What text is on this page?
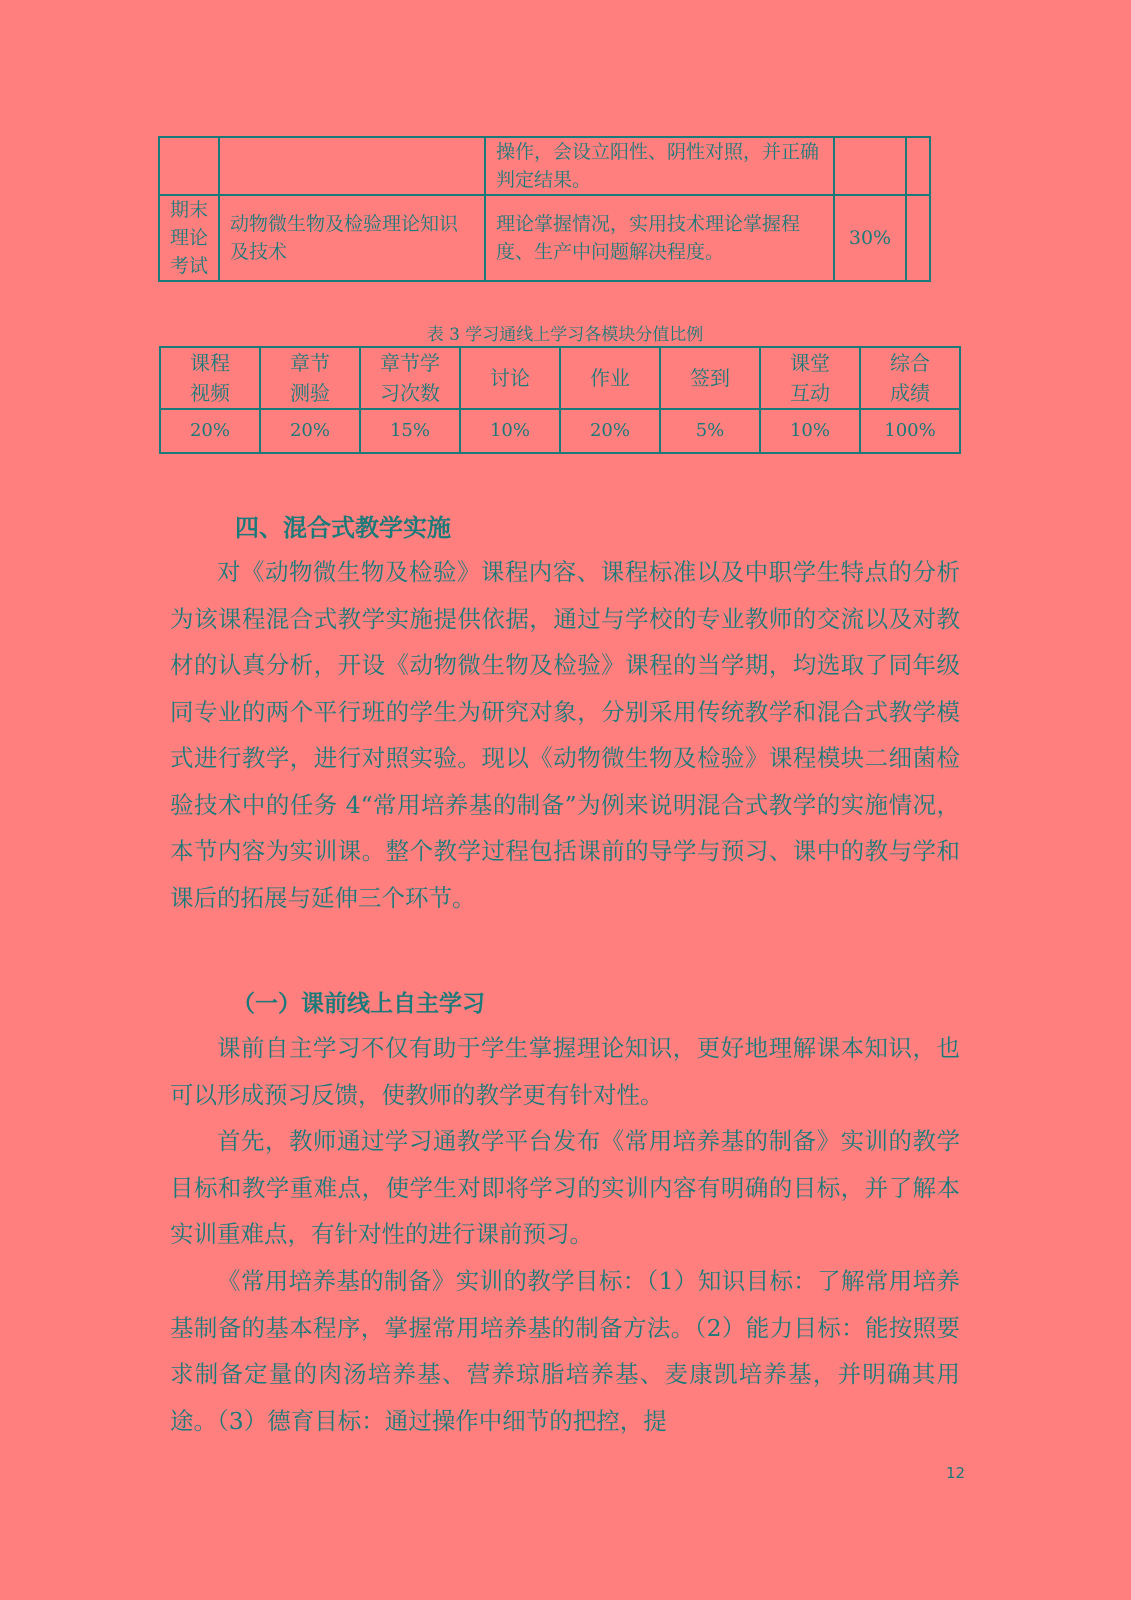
		操作，会设立阳性、阴性对照，并正确判定结果。		

期末理论考试	动物微生物及检验理论知识及技术	理论掌握情况，实用技术理论掌握程度、生产中问题解决程度。	30%	
表 3 学习通线上学习各模块分值比例
课程视频	章节测验	章节学习次数	讨论	作业	签到	课堂互动	综合成绩

20%	20%	15%	10%	20%	5%	10%	100%
四、混合式教学实施

对《动物微生物及检验》课程内容、课程标准以及中职学生特点的分析为该课程混合式教学实施提供依据，通过与学校的专业教师的交流以及对教材的认真分析，开设《动物微生物及检验》课程的当学期，均选取了同年级同专业的两个平行班的学生为研究对象，分别采用传统教学和混合式教学模式进行教学，进行对照实验。现以《动物微生物及检验》课程模块二细菌检验技术中的任务 4“常用培养基的制备”为例来说明混合式教学的实施情况，本节内容为实训课。整个教学过程包括课前的导学与预习、课中的教与学和课后的拓展与延伸三个环节。

（一）课前线上自主学习

课前自主学习不仅有助于学生掌握理论知识，更好地理解课本知识，也可以形成预习反馈，使教师的教学更有针对性。

首先，教师通过学习通教学平台发布《常用培养基的制备》实训的教学目标和教学重难点，使学生对即将学习的实训内容有明确的目标，并了解本实训重难点，有针对性的进行课前预习。

《常用培养基的制备》实训的教学目标：（1）知识目标：了解常用培养基制备的基本程序，掌握常用培养基的制备方法。（2）能力目标：能按照要求制备定量的肉汤培养基、营养琼脂培养基、麦康凯培养基，并明确其用途。（3）德育目标：通过操作中细节的把控，提

12
